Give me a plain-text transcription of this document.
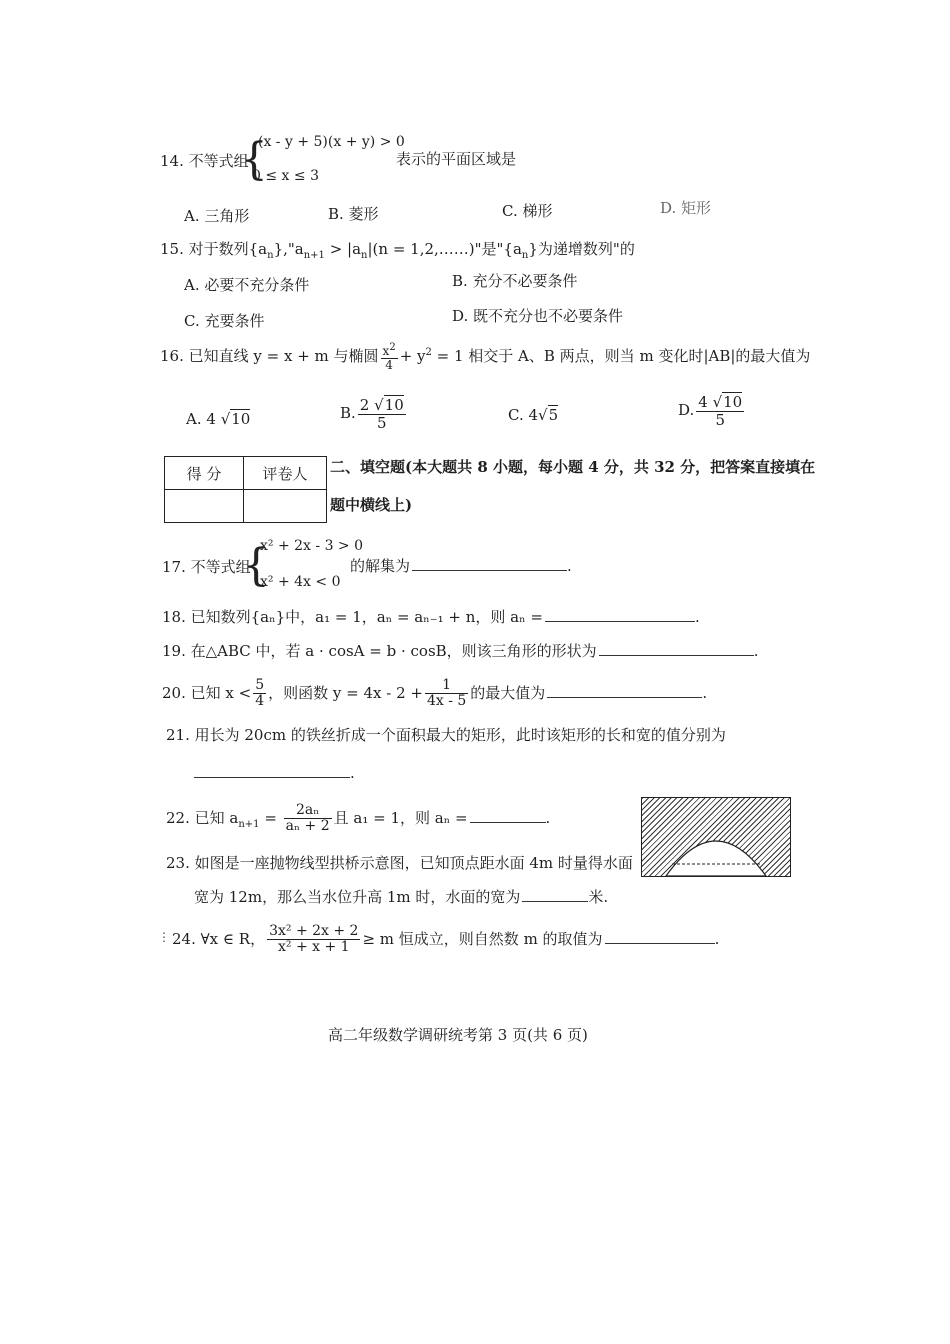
14. 不等式组
{
(x - y + 5)(x + y) > 0
0 ≤ x ≤ 3
表示的平面区域是
A. 三角形	B. 菱形	C. 梯形	D. 矩形
15. 对于数列$\{a_n\},"a_{n+1} > |a_n|(n$ = 1,2,……)"是"$\{a_n\}$为递增数列"的
A. 必要不充分条件	B. 充分不必要条件
C. 充要条件	D. 既不充分也不必要条件
16. 已知直线 y = x + m 与椭圆 $\frac{x^2}{4} + y^2 = 1$ 相交于 A、B 两点，则当 m 变化时|AB|的最大值为
A. 4 √10	B. $\frac{2 √10}{5}$	C. 4√5	D. $\frac{4 √10}{5}$
得 分	评卷人
	二、填空题(本大题共 8 小题，每小题 4 分，共 32 分，把答案直接填在
题中横线上)
17. 不等式组
{
x² + 2x - 3 > 0
x² + 4x < 0
的解集为	.
18. 已知数列{aₙ}中，a₁ = 1，aₙ = aₙ₋₁ + n，则 aₙ =	.
19. 在△ABC 中，若 a · cosA = b · cosB，则该三角形的形状为	.
20. 已知 $x < \frac{5}{4}$ ，则函数 $y = 4x - 2 + \frac{1}{4x - 5}$ 的最大值为	.
21. 用长为 20cm 的铁丝折成一个面积最大的矩形，此时该矩形的长和宽的值分别为
.
22. 已知 $a_{n+1} = \frac{\text{2aₙ}}{\text{aₙ + 2}}$ 且 a₁ = 1，则 aₙ =	.
23. 如图是一座抛物线型拱桥示意图，已知顶点距水面 4m 时量得水面
宽为 12m，那么当水位升高 1m 时，水面的宽为	米.
⋮ 24. ∀x ∈ R， $\frac{\text{3x² + 2x + 2}}{\text{x² + x + 1}} \ge m$ 恒成立，则自然数 m 的取值为	.
高二年级数学调研统考第 3 页(共 6 页)
